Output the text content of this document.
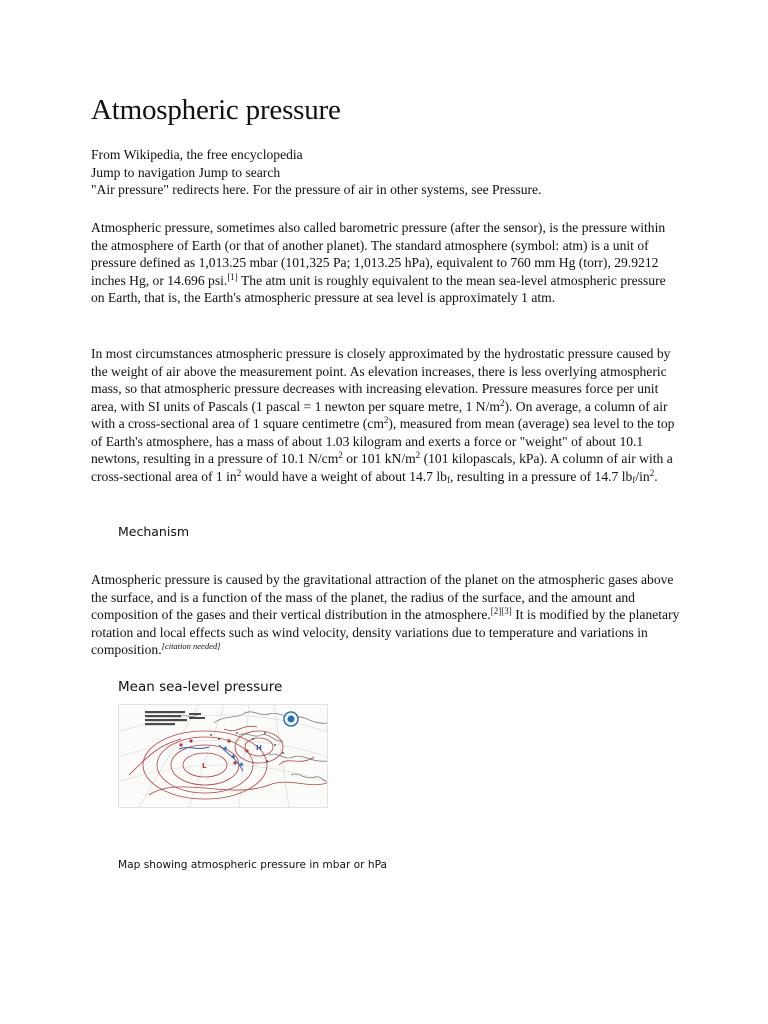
Atmospheric pressure
From Wikipedia, the free encyclopedia
Jump to navigation Jump to search
"Air pressure" redirects here. For the pressure of air in other systems, see Pressure.

Atmospheric pressure, sometimes also called barometric pressure (after the sensor), is the pressure within the atmosphere of Earth (or that of another planet). The standard atmosphere (symbol: atm) is a unit of pressure defined as 1,013.25 mbar (101,325 Pa; 1,013.25 hPa), equivalent to 760 mm Hg (torr), 29.9212 inches Hg, or 14.696 psi.[1] The atm unit is roughly equivalent to the mean sea-level atmospheric pressure on Earth, that is, the Earth's atmospheric pressure at sea level is approximately 1 atm.

In most circumstances atmospheric pressure is closely approximated by the hydrostatic pressure caused by the weight of air above the measurement point. As elevation increases, there is less overlying atmospheric mass, so that atmospheric pressure decreases with increasing elevation. Pressure measures force per unit area, with SI units of Pascals (1 pascal = 1 newton per square metre, 1 $N/m^2$). On average, a column of air with a cross-sectional area of 1 square centimetre $(cm^2)$, measured from mean (average) sea level to the top of Earth's atmosphere, has a mass of about 1.03 kilogram and exerts a force or "weight" of about 10.1 newtons, resulting in a pressure of 10.1 $N/cm^2$ or 101 $kN/m^2$ (101 kilopascals, kPa). A column of air with a cross-sectional area of 1 $in^2$ would have a weight of about 14.7 $lb_f$, resulting in a pressure of 14.7 $lb_f/in^2$.

Mechanism

Atmospheric pressure is caused by the gravitational attraction of the planet on the atmospheric gases above the surface, and is a function of the mass of the planet, the radius of the surface, and the amount and composition of the gases and their vertical distribution in the atmosphere.[2][3] It is modified by the planetary rotation and local effects such as wind velocity, density variations due to temperature and variations in composition.[citation needed]

Mean sea-level pressure
L
H

Map showing atmospheric pressure in mbar or hPa
